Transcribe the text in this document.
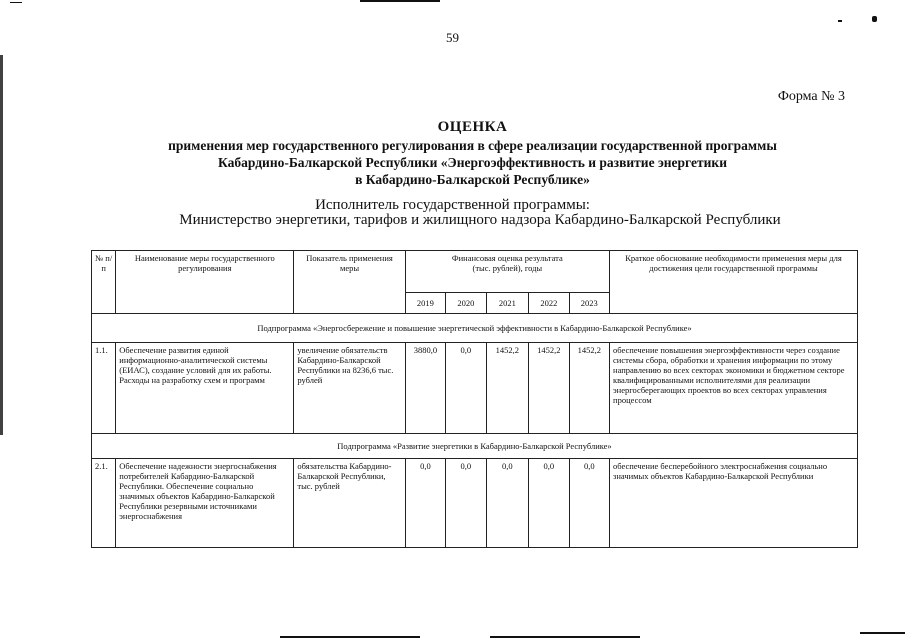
59
Форма № 3
ОЦЕНКА
применения мер государственного регулирования в сфере реализации государственной программы
Кабардино-Балкарской Республики «Энергоэффективность и развитие энергетики
в Кабардино-Балкарской Республике»
Исполнитель государственной программы:
Министерство энергетики, тарифов и жилищного надзора Кабардино-Балкарской Республики
№ п/п	Наименование меры государственного регулирования	Показатель применения меры	Финансовая оценка результата (тыс. рублей), годы					Краткое обоснование необходимости применения меры для достижения цели государственной программы
			2019	2020	2021	2022	2023	
Подпрограмма «Энергосбережение и повышение энергетической эффективности в Кабардино-Балкарской Республике»								
1.1.	Обеспечение развития единой информационно-аналитической системы (ЕИАС), создание условий для их работы. Расходы на разработку схем и программ	увеличение обязательств Кабардино-Балкарской Республики на 8236,6 тыс. рублей	3880,0	0,0	1452,2	1452,2	1452,2	обеспечение повышения энергоэффективности через создание системы сбора, обработки и хранения информации по этому направлению во всех секторах экономики и бюджетном секторе квалифицированными исполнителями для реализации энергосберегающих проектов во всех секторах управления процессом
Подпрограмма «Развитие энергетики в Кабардино-Балкарской Республике»								
2.1.	Обеспечение надежности энергоснабжения потребителей Кабардино-Балкарской Республики. Обеспечение социально значимых объектов Кабардино-Балкарской Республики резервными источниками энергоснабжения	обязательства Кабардино-Балкарской Республики, тыс. рублей	0,0	0,0	0,0	0,0	0,0	обеспечение бесперебойного электроснабжения социально значимых объектов Кабардино-Балкарской Республики
